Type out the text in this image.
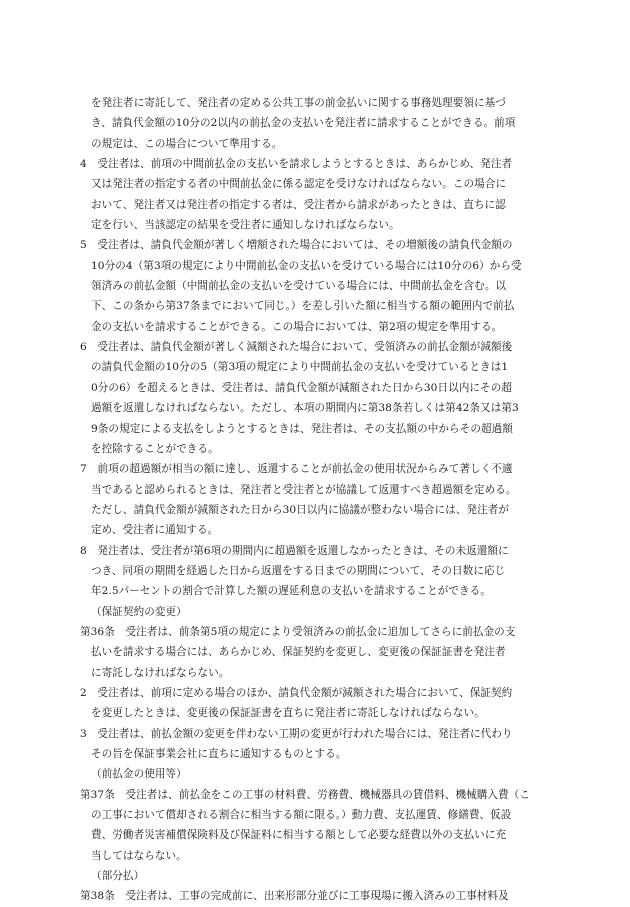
を発注者に寄託して、発注者の定める公共工事の前金払いに関する事務処理要領に基づ
き、請負代金額の10分の2以内の前払金の支払いを発注者に請求することができる。前項
の規定は、この場合について準用する。
4　受注者は、前項の中間前払金の支払いを請求しようとするときは、あらかじめ、発注者
又は発注者の指定する者の中間前払金に係る認定を受けなければならない。この場合に
おいて、発注者又は発注者の指定する者は、受注者から請求があったときは、直ちに認
定を行い、当該認定の結果を受注者に通知しなければならない。
5　受注者は、請負代金額が著しく増額された場合においては、その増額後の請負代金額の
10分の4（第3項の規定により中間前払金の支払いを受けている場合には10分の6）から受
領済みの前払金額（中間前払金の支払いを受けている場合には、中間前払金を含む。以
下、この条から第37条までにおいて同じ。）を差し引いた額に相当する額の範囲内で前払
金の支払いを請求することができる。この場合においては、第2項の規定を準用する。
6　受注者は、請負代金額が著しく減額された場合において、受領済みの前払金額が減額後
の請負代金額の10分の5（第3項の規定により中間前払金の支払いを受けているときは1
0分の6）を超えるときは、受注者は、請負代金額が減額された日から30日以内にその超
過額を返還しなければならない。ただし、本項の期間内に第38条若しくは第42条又は第3
9条の規定による支払をしようとするときは、発注者は、その支払額の中からその超過額
を控除することができる。
7　前項の超過額が相当の額に達し、返還することが前払金の使用状況からみて著しく不適
当であると認められるときは、発注者と受注者とが協議して返還すべき超過額を定める。
ただし、請負代金額が減額された日から30日以内に協議が整わない場合には、発注者が
定め、受注者に通知する。
8　発注者は、受注者が第6項の期間内に超過額を返還しなかったときは、その未返還額に
つき、同項の期間を経過した日から返還をする日までの期間について、その日数に応じ
年2.5パーセントの割合で計算した額の遅延利息の支払いを請求することができる。
（保証契約の変更）
第36条　受注者は、前条第5項の規定により受領済みの前払金に追加してさらに前払金の支
払いを請求する場合には、あらかじめ、保証契約を変更し、変更後の保証証書を発注者
に寄託しなければならない。
2　受注者は、前項に定める場合のほか、請負代金額が減額された場合において、保証契約
を変更したときは、変更後の保証証書を直ちに発注者に寄託しなければならない。
3　受注者は、前払金額の変更を伴わない工期の変更が行われた場合には、発注者に代わり
その旨を保証事業会社に直ちに通知するものとする。
（前払金の使用等）
第37条　受注者は、前払金をこの工事の材料費、労務費、機械器具の賃借料、機械購入費（こ
の工事において償却される割合に相当する額に限る。）動力費、支払運賃、修繕費、仮設
費、労働者災害補償保険料及び保証料に相当する額として必要な経費以外の支払いに充
当してはならない。
（部分払）
第38条　受注者は、工事の完成前に、出来形部分並びに工事現場に搬入済みの工事材料及
